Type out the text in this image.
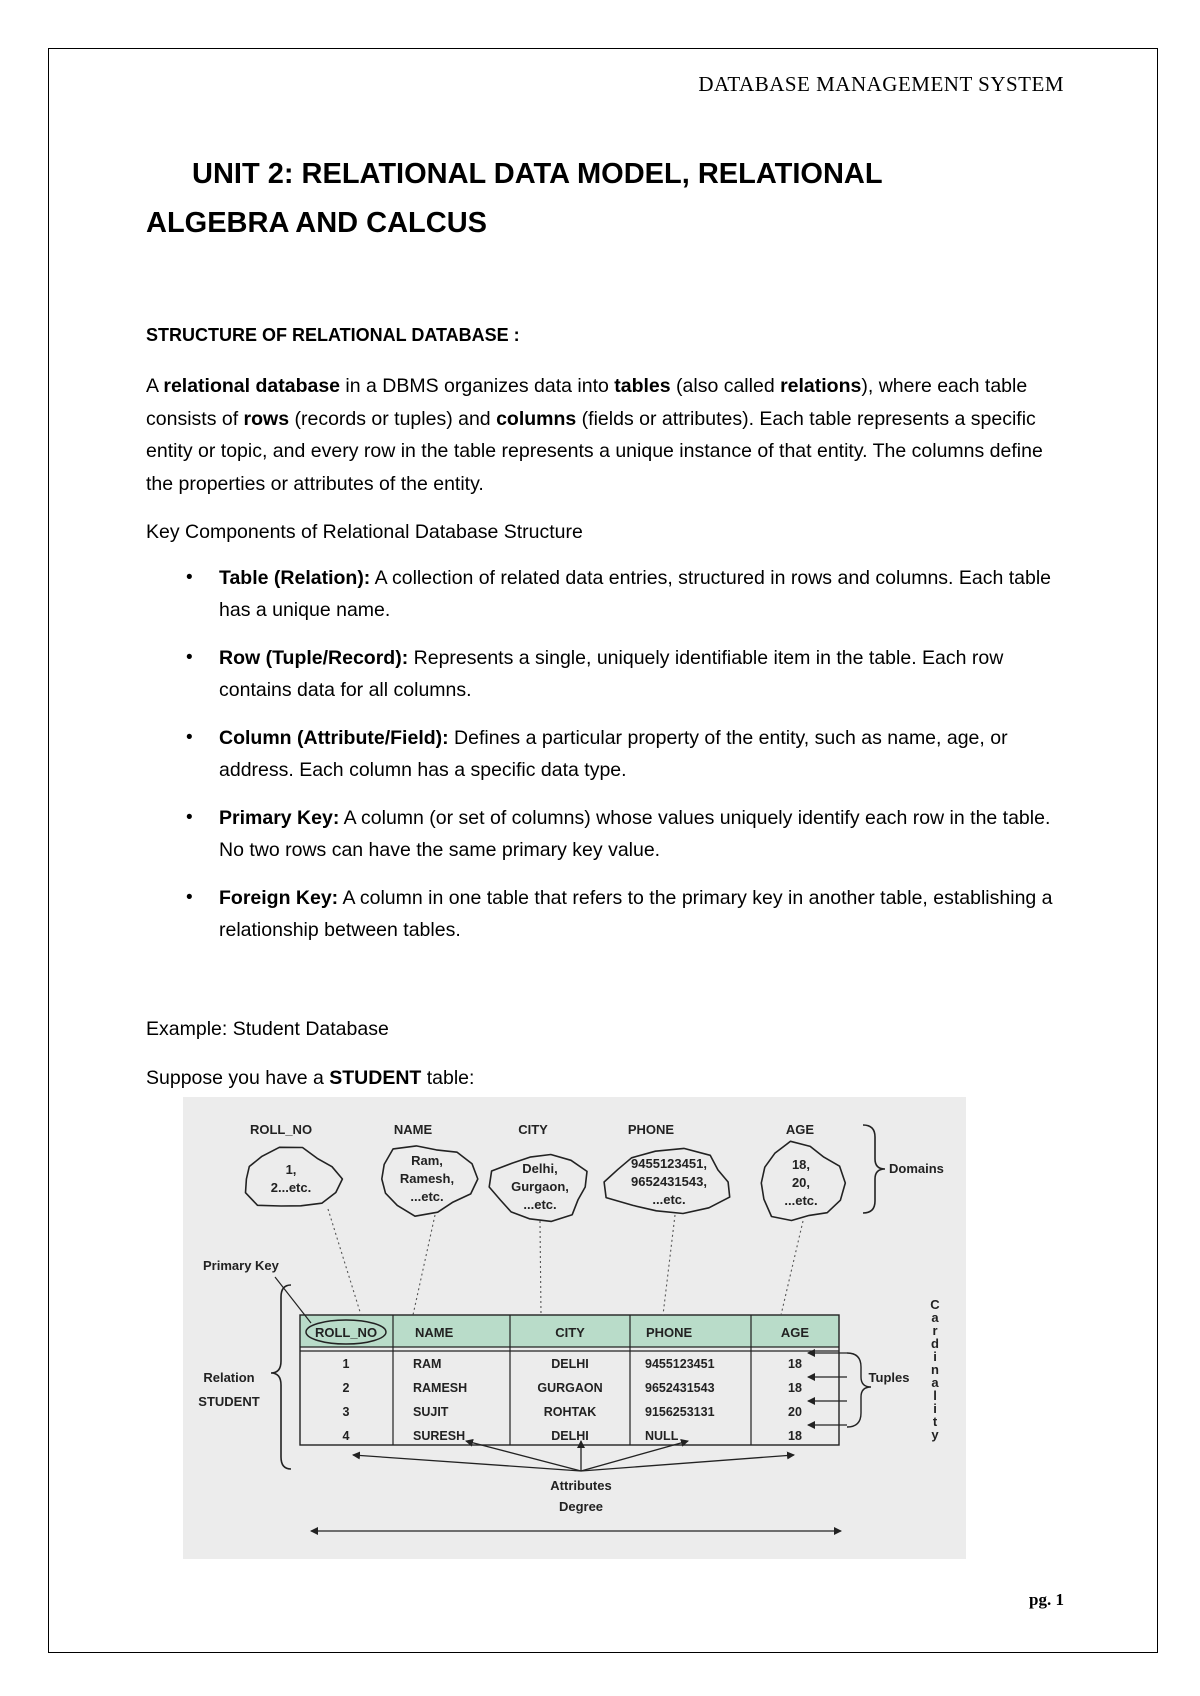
DATABASE MANAGEMENT SYSTEM
UNIT 2: RELATIONAL DATA MODEL, RELATIONAL
ALGEBRA AND CALCUS
STRUCTURE OF RELATIONAL DATABASE :
A relational database in a DBMS organizes data into tables (also called relations), where each table consists of rows (records or tuples) and columns (fields or attributes). Each table represents a specific entity or topic, and every row in the table represents a unique instance of that entity. The columns define the properties or attributes of the entity.
Key Components of Relational Database Structure
• Table (Relation): A collection of related data entries, structured in rows and columns. Each table has a unique name.
• Row (Tuple/Record): Represents a single, uniquely identifiable item in the table. Each row contains data for all columns.
• Column (Attribute/Field): Defines a particular property of the entity, such as name, age, or address. Each column has a specific data type.
• Primary Key: A column (or set of columns) whose values uniquely identify each row in the table. No two rows can have the same primary key value.
• Foreign Key: A column in one table that refers to the primary key in another table, establishing a relationship between tables.
Example: Student Database
Suppose you have a STUDENT table:
ROLL_NO
1,
2...etc.
NAME
Ram,
Ramesh,
...etc.
CITY
Delhi,
Gurgaon,
...etc.
PHONE
9455123451,
9652431543,
...etc.
AGE
18,
20,
...etc.
Domains
ROLL_NO	NAME	CITY	PHONE	AGE
1	RAM	DELHI	9455123451	18
2	RAMESH	GURGAON	9652431543	18
3	SUJIT	ROHTAK	9156253131	20
4	SURESH	DELHI	NULL	18
Primary Key
Relation
STUDENT
Tuples
C
a
r
d
i
n
a
l
i
t
y
Attributes
Degree
pg. 1
